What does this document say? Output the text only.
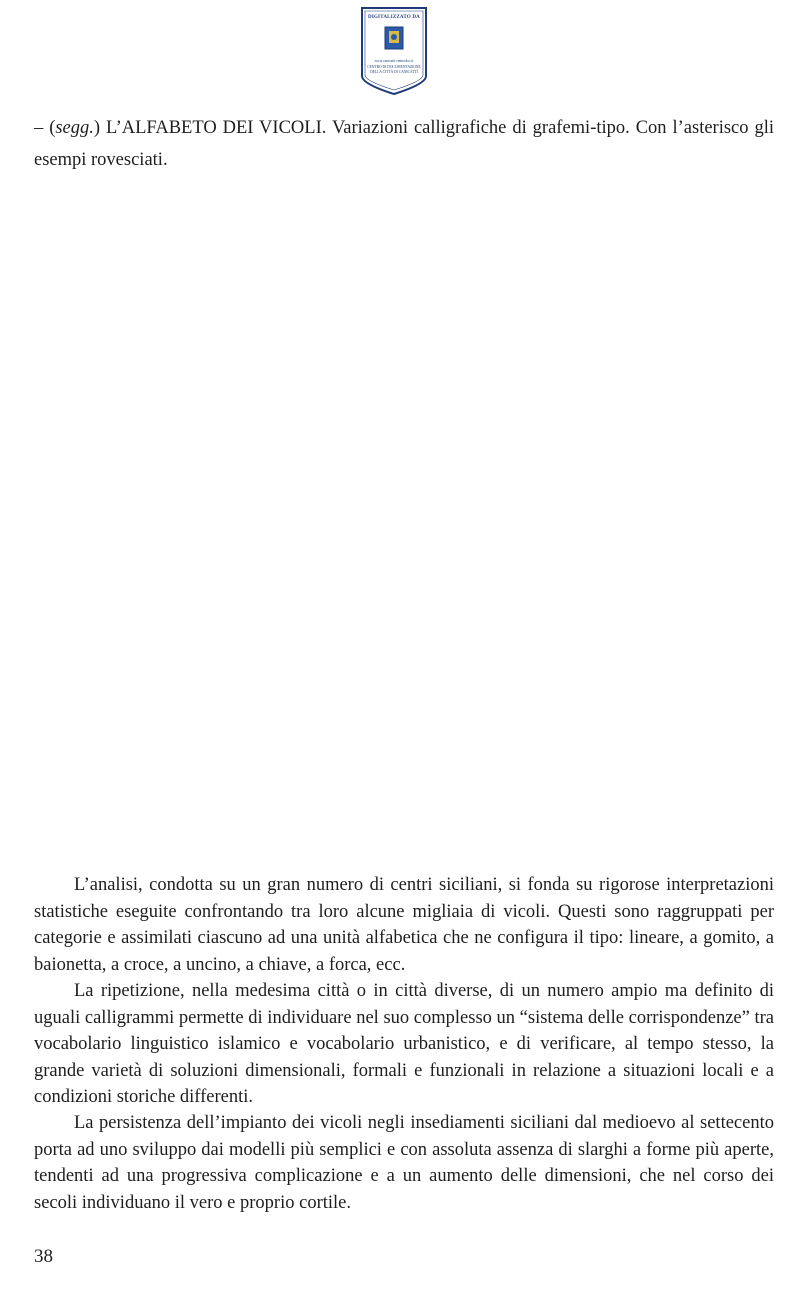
DIGITALIZZATO DA
www.canicatti-centrodoc.it
CENTRO DI DOCUMENTAZIONE
DELLA CITTÀ DI CANICATTÌ

– (segg.) L’ALFABETO DEI VICOLI. Variazioni calligrafiche di grafemi-tipo. Con l’asterisco gli esempi rovesciati.

L’analisi, condotta su un gran numero di centri siciliani, si fonda su rigorose interpretazioni statistiche eseguite confrontando tra loro alcune migliaia di vicoli. Questi sono raggruppati per categorie e assimilati ciascuno ad una unità alfabetica che ne configura il tipo: lineare, a gomito, a baionetta, a croce, a uncino, a chiave, a forca, ecc.

La ripetizione, nella medesima città o in città diverse, di un numero ampio ma definito di uguali calligrammi permette di individuare nel suo complesso un “sistema delle corrispondenze” tra vocabolario linguistico islamico e vocabolario urbanistico, e di verificare, al tempo stesso, la grande varietà di soluzioni dimensionali, formali e funzionali in relazione a situazioni locali e a condizioni storiche differenti.

La persistenza dell’impianto dei vicoli negli insediamenti siciliani dal medioevo al settecento porta ad uno sviluppo dai modelli più semplici e con assoluta assenza di slarghi a forme più aperte, tendenti ad una progressiva complicazione e a un aumento delle dimensioni, che nel corso dei secoli individuano il vero e proprio cortile.

38
